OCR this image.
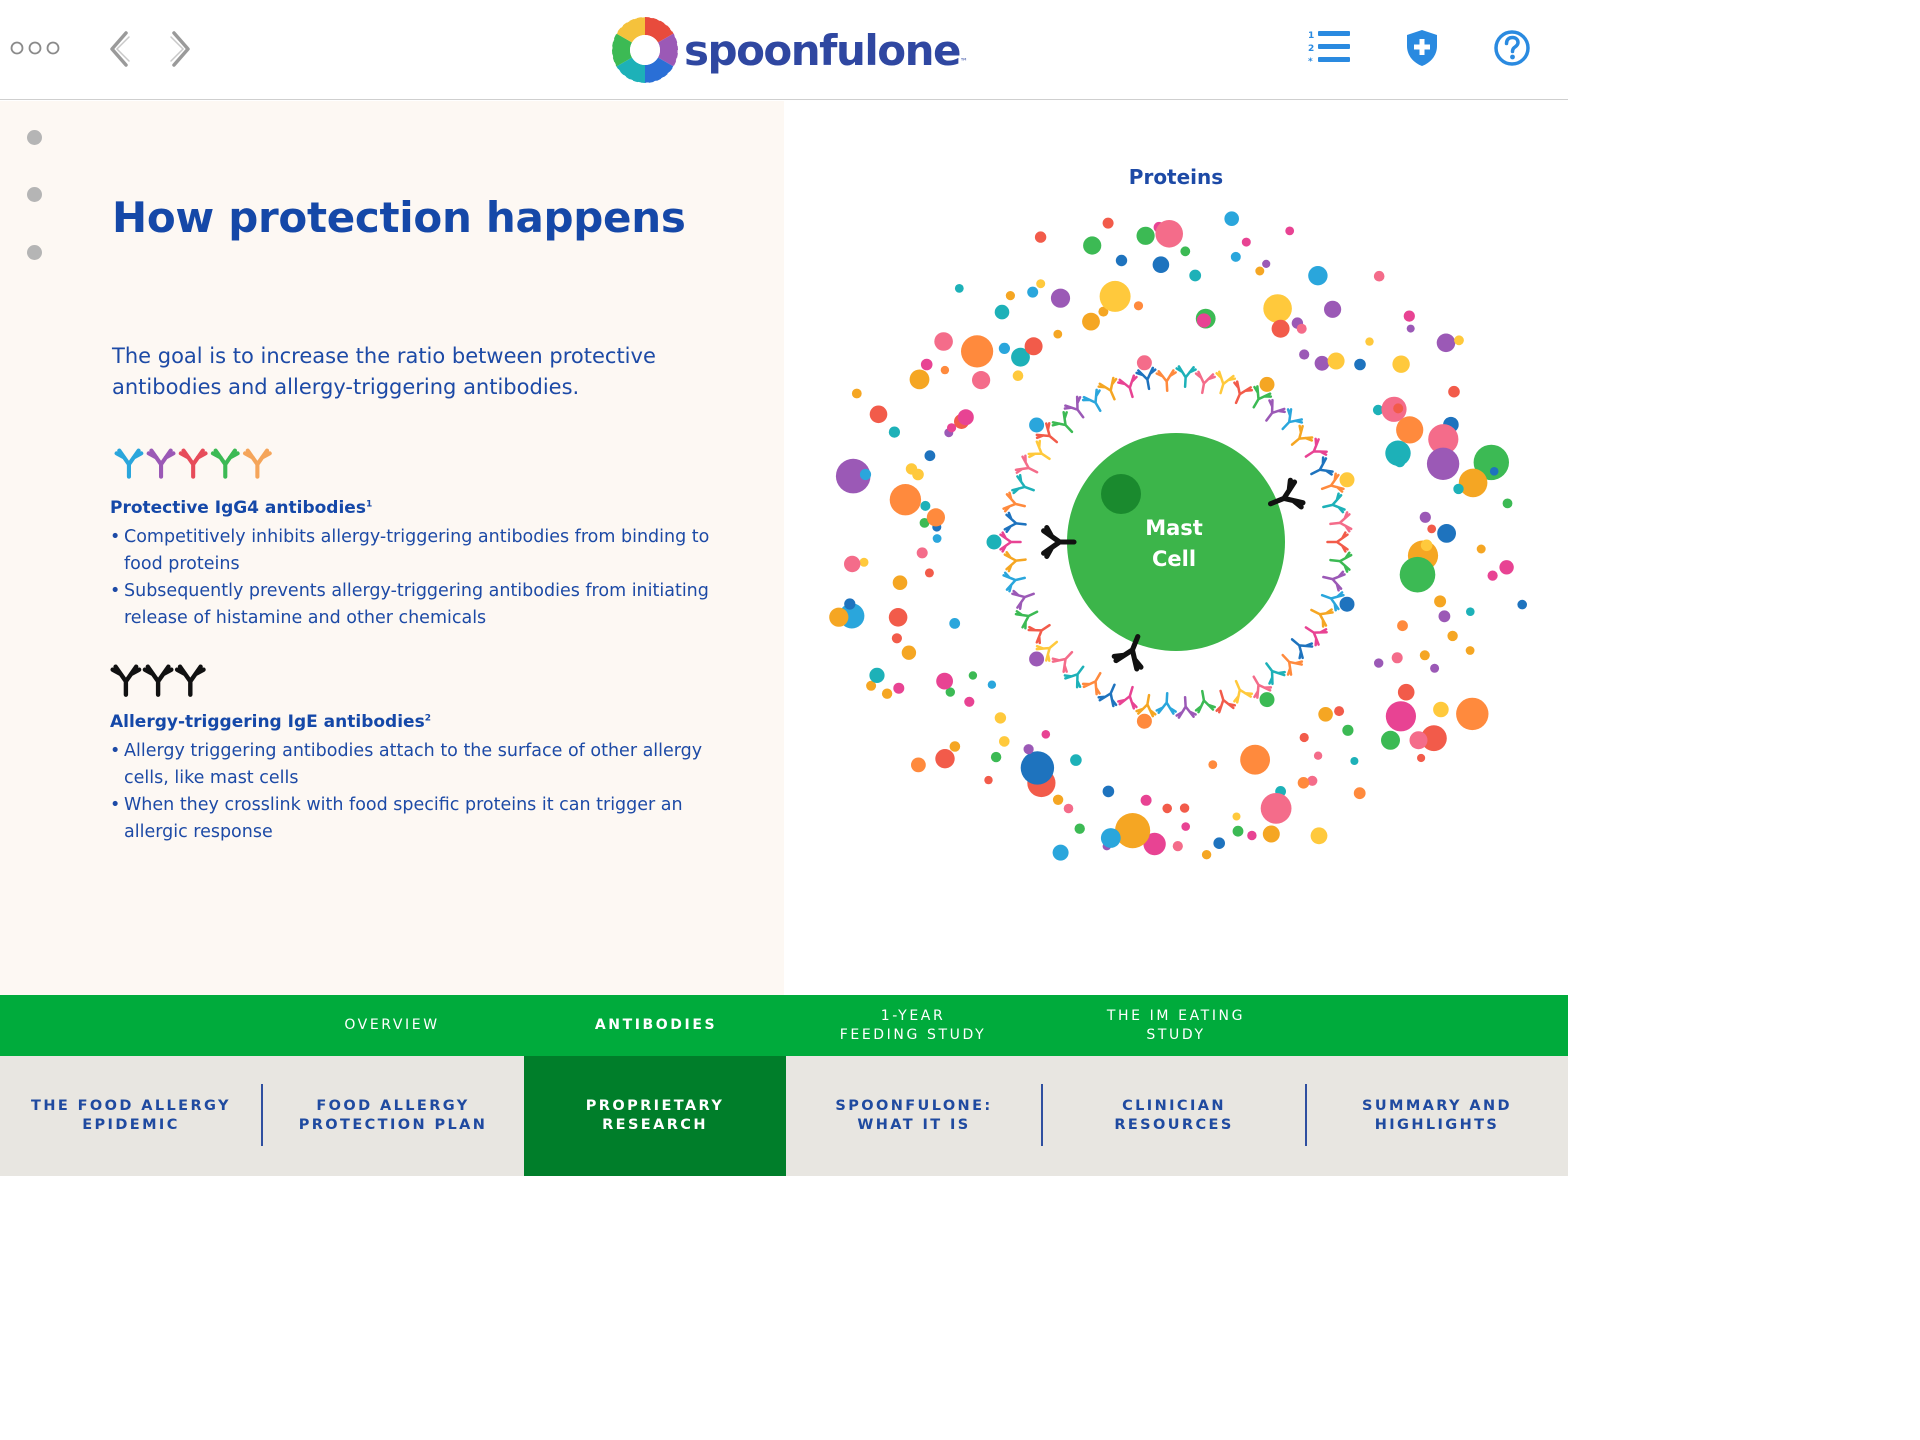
spoonfulone ™
1
2
*
How protection happens

The goal is to increase the ratio between protective antibodies and allergy-triggering antibodies.

Protective IgG4 antibodies$^1$
• Competitively inhibits allergy-triggering antibodies from binding to food proteins
• Subsequently prevents allergy-triggering antibodies from initiating release of histamine and other chemicals
Allergy-triggering IgE antibodies$^2$
• Allergy triggering antibodies attach to the surface of other allergy cells, like mast cells
• When they crosslink with food specific proteins it can trigger an allergic response
Proteins
Mast
Cell
OVERVIEW	ANTIBODIES
1-YEAR
FEEDING STUDY
THE IM EATING
STUDY
THE FOOD ALLERGY
EPIDEMIC
FOOD ALLERGY
PROTECTION PLAN
PROPRIETARY
RESEARCH
SPOONFULONE:
WHAT IT IS
CLINICIAN
RESOURCES
SUMMARY AND
HIGHLIGHTS
